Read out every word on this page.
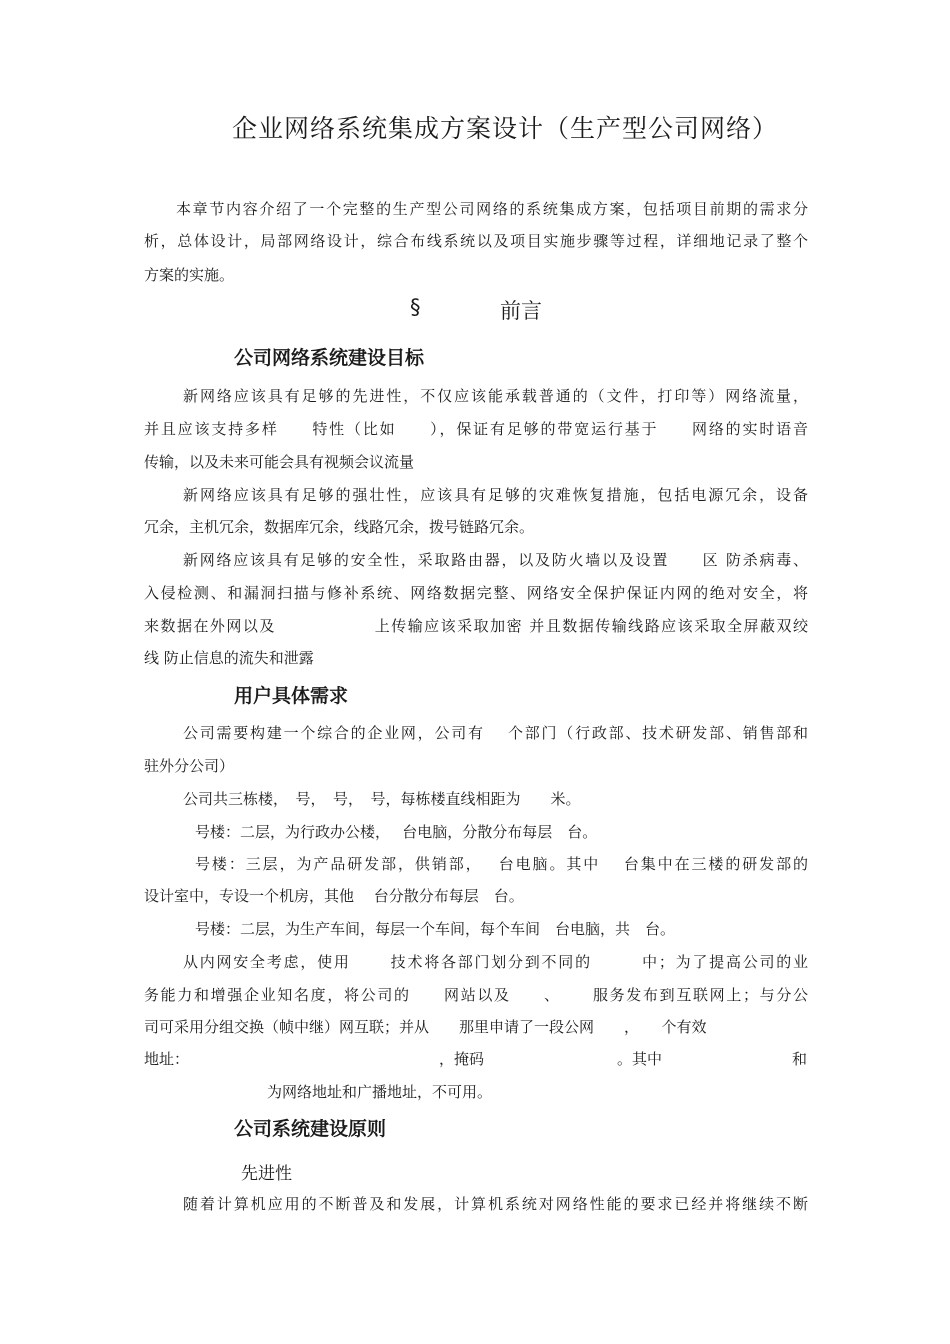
企业网络系统集成方案设计（生产型公司网络）
本章节内容介绍了一个完整的生产型公司网络的系统集成方案，包括项目前期的需求分
析，总体设计，局部网络设计，综合布线系统以及项目实施步骤等过程，详细地记录了整个
方案的实施。
§	前言
公司网络系统建设目标
新网络应该具有足够的先进性，不仅应该能承载普通的（文件，打印等）网络流量，
并且应该支持多样　　特性（比如　　），保证有足够的带宽运行基于　　网络的实时语音
传输，以及未来可能会具有视频会议流量
新网络应该具有足够的强壮性，应该具有足够的灾难恢复措施，包括电源冗余，设备
冗余，主机冗余，数据库冗余，线路冗余，拨号链路冗余。
新网络应该具有足够的安全性，采取路由器，以及防火墙以及设置　　区 防杀病毒、
入侵检测、和漏洞扫描与修补系统、网络数据完整、网络安全保护保证内网的绝对安全，将
来数据在外网以及　　　　　　上传输应该采取加密 并且数据传输线路应该采取全屏蔽双绞
线 防止信息的流失和泄露
用户具体需求
公司需要构建一个综合的企业网，公司有　 个部门（行政部、技术研发部、销售部和
驻外分公司）
公司共三栋楼，　号，　号，　号，每栋楼直线相距为　　米。
号楼：二层，为行政办公楼，　 台电脑，分散分布每层　台。
号楼：三层，为产品研发部，供销部，　 台电脑。其中　 台集中在三楼的研发部的
设计室中，专设一个机房，其他　 台分散分布每层　台。
号楼：二层，为生产车间，每层一个车间，每个车间　台电脑，共　台。
从内网安全考虑，使用　　 技术将各部门划分到不同的　　　中；为了提高公司的业
务能力和增强企业知名度，将公司的　　网站以及　　、　　 服务发布到互联网上；与分公
司可采用分组交换（帧中继）网互联；并从　　那里申请了一段公网　　，　　个有效
地址：	，掩码	。其中	和
为网络地址和广播地址，不可用。
公司系统建设原则
先进性
随着计算机应用的不断普及和发展，计算机系统对网络性能的要求已经并将继续不断
